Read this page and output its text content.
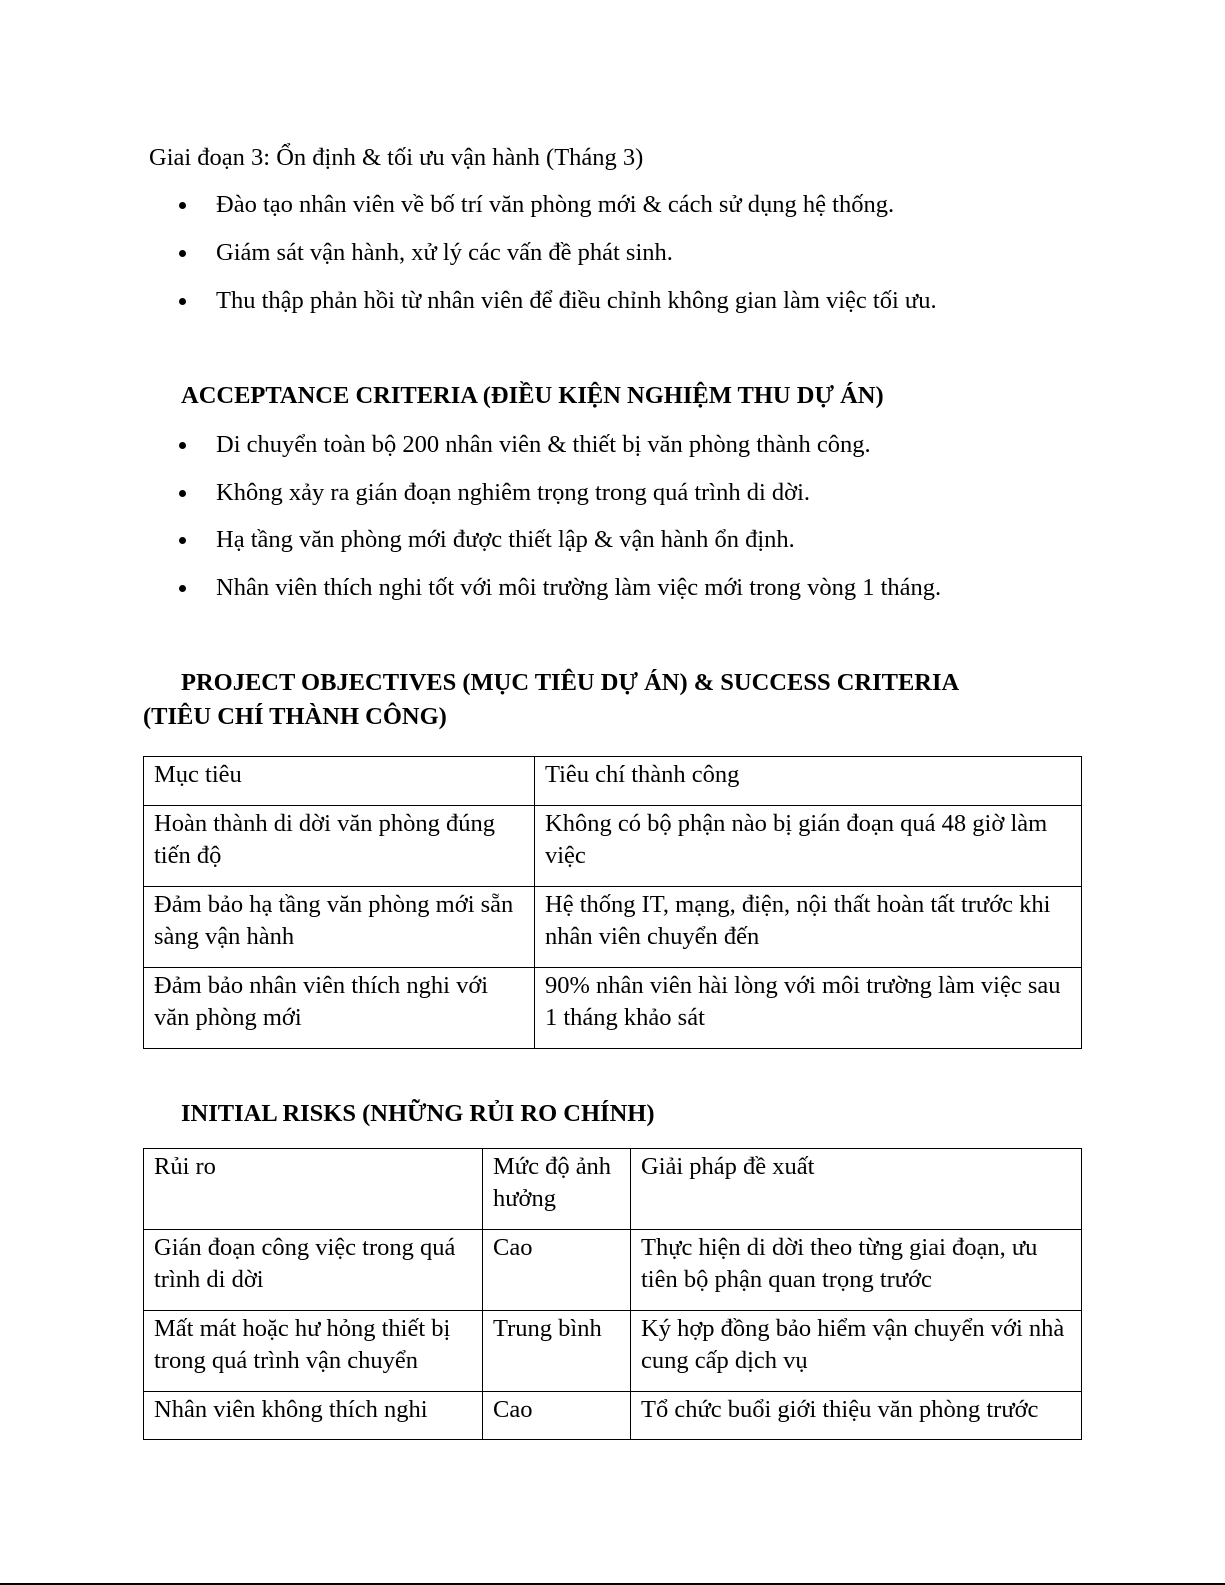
Giai đoạn 3: Ổn định & tối ưu vận hành (Tháng 3)
Đào tạo nhân viên về bố trí văn phòng mới & cách sử dụng hệ thống.
Giám sát vận hành, xử lý các vấn đề phát sinh.
Thu thập phản hồi từ nhân viên để điều chỉnh không gian làm việc tối ưu.
ACCEPTANCE CRITERIA (ĐIỀU KIỆN NGHIỆM THU DỰ ÁN)
Di chuyển toàn bộ 200 nhân viên & thiết bị văn phòng thành công.
Không xảy ra gián đoạn nghiêm trọng trong quá trình di dời.
Hạ tầng văn phòng mới được thiết lập & vận hành ổn định.
Nhân viên thích nghi tốt với môi trường làm việc mới trong vòng 1 tháng.
PROJECT OBJECTIVES (MỤC TIÊU DỰ ÁN) & SUCCESS CRITERIA
(TIÊU CHÍ THÀNH CÔNG)
Mục tiêu	Tiêu chí thành công
Hoàn thành di dời văn phòng đúng tiến độ	Không có bộ phận nào bị gián đoạn quá 48 giờ làm việc
Đảm bảo hạ tầng văn phòng mới sẵn sàng vận hành	Hệ thống IT, mạng, điện, nội thất hoàn tất trước khi nhân viên chuyển đến
Đảm bảo nhân viên thích nghi với văn phòng mới	90% nhân viên hài lòng với môi trường làm việc sau 1 tháng khảo sát
INITIAL RISKS (NHỮNG RỦI RO CHÍNH)
Rủi ro	Mức độ ảnh hưởng	Giải pháp đề xuất
Gián đoạn công việc trong quá trình di dời	Cao	Thực hiện di dời theo từng giai đoạn, ưu tiên bộ phận quan trọng trước
Mất mát hoặc hư hỏng thiết bị trong quá trình vận chuyển	Trung bình	Ký hợp đồng bảo hiểm vận chuyển với nhà cung cấp dịch vụ
Nhân viên không thích nghi	Cao	Tổ chức buổi giới thiệu văn phòng trước
